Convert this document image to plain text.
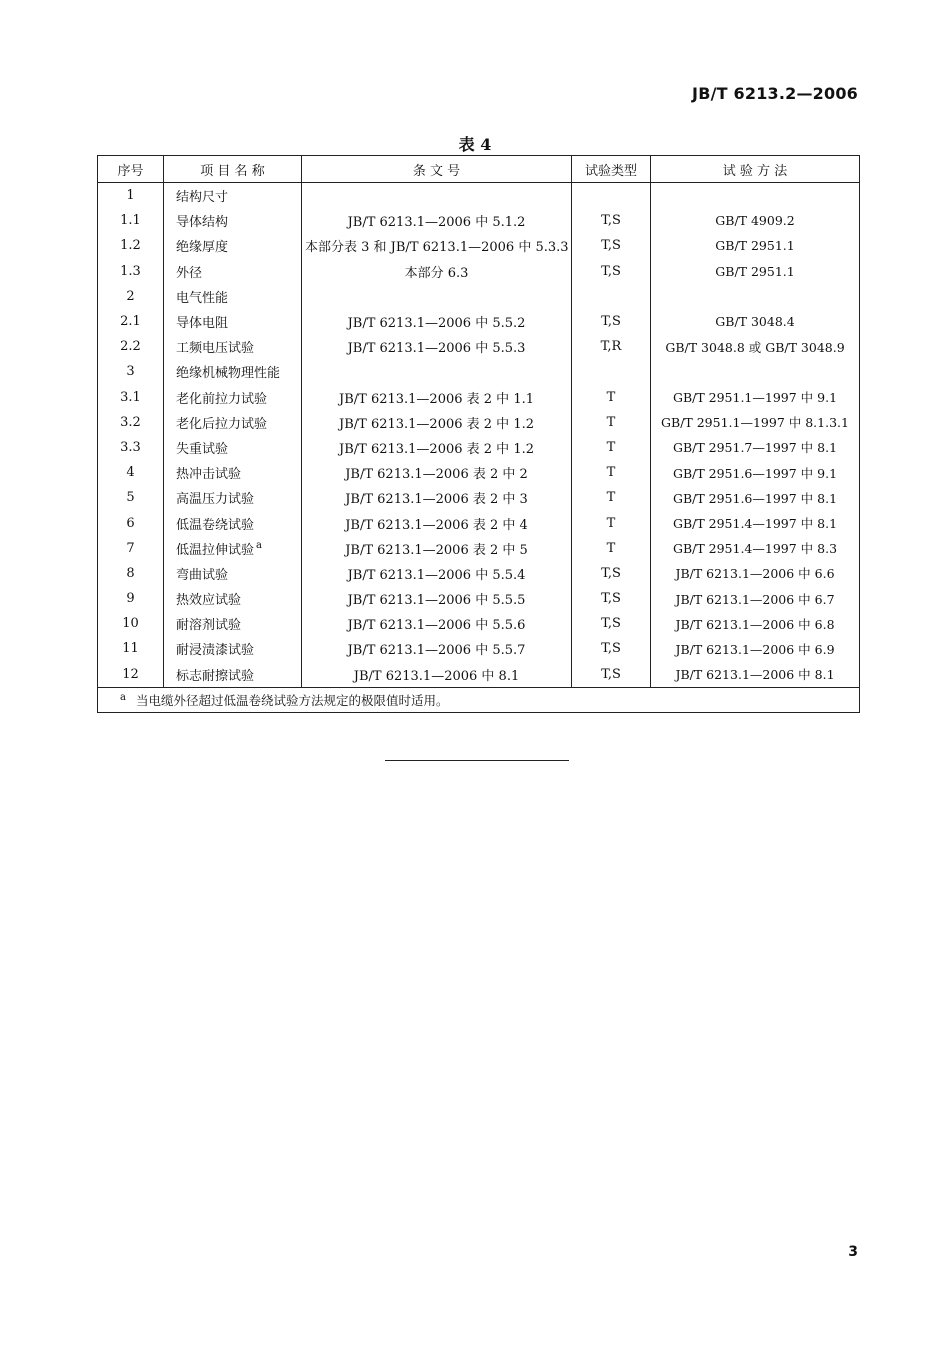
JB/T 6213.2—2006
表 4
序号	项 目 名 称	条 文 号	试验类型	试 验 方 法
1	结构尺寸			
1.1	导体结构	JB/T 6213.1—2006 中 5.1.2	T,S	GB/T 4909.2
1.2	绝缘厚度	本部分表 3 和 JB/T 6213.1—2006 中 5.3.3	T,S	GB/T 2951.1
1.3	外径	本部分 6.3	T,S	GB/T 2951.1
2	电气性能			
2.1	导体电阻	JB/T 6213.1—2006 中 5.5.2	T,S	GB/T 3048.4
2.2	工频电压试验	JB/T 6213.1—2006 中 5.5.3	T,R	GB/T 3048.8 或 GB/T 3048.9
3	绝缘机械物理性能			
3.1	老化前拉力试验	JB/T 6213.1—2006 表 2 中 1.1	T	GB/T 2951.1—1997 中 9.1
3.2	老化后拉力试验	JB/T 6213.1—2006 表 2 中 1.2	T	GB/T 2951.1—1997 中 8.1.3.1
3.3	失重试验	JB/T 6213.1—2006 表 2 中 1.2	T	GB/T 2951.7—1997 中 8.1
4	热冲击试验	JB/T 6213.1—2006 表 2 中 2	T	GB/T 2951.6—1997 中 9.1
5	高温压力试验	JB/T 6213.1—2006 表 2 中 3	T	GB/T 2951.6—1997 中 8.1
6	低温卷绕试验	JB/T 6213.1—2006 表 2 中 4	T	GB/T 2951.4—1997 中 8.1
7	低温拉伸试验 $^a$	JB/T 6213.1—2006 表 2 中 5	T	GB/T 2951.4—1997 中 8.3
8	弯曲试验	JB/T 6213.1—2006 中 5.5.4	T,S	JB/T 6213.1—2006 中 6.6
9	热效应试验	JB/T 6213.1—2006 中 5.5.5	T,S	JB/T 6213.1—2006 中 6.7
10	耐溶剂试验	JB/T 6213.1—2006 中 5.5.6	T,S	JB/T 6213.1—2006 中 6.8
11	耐浸渍漆试验	JB/T 6213.1—2006 中 5.5.7	T,S	JB/T 6213.1—2006 中 6.9
12	标志耐擦试验	JB/T 6213.1—2006 中 8.1	T,S	JB/T 6213.1—2006 中 8.1
$^a$ 当电缆外径超过低温卷绕试验方法规定的极限值时适用。				
3
